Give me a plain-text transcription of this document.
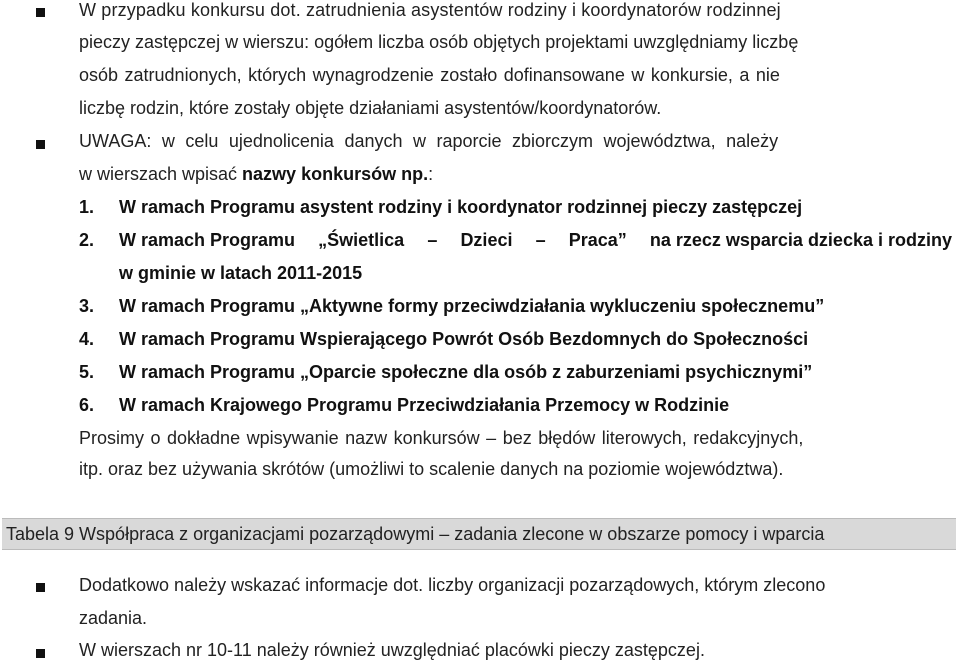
W przypadku konkursu dot. zatrudnienia asystentów rodziny i koordynatorów rodzinnej
pieczy zastępczej w wierszu: ogółem liczba osób objętych projektami uwzględniamy liczbę
osób zatrudnionych, których wynagrodzenie zostało dofinansowane w konkursie, a nie
liczbę rodzin, które zostały objęte działaniami asystentów/koordynatorów.
UWAGA: w celu ujednolicenia danych w raporcie zbiorczym województwa, należy
w wierszach wpisać nazwy konkursów np.:
1. W ramach Programu asystent rodziny i koordynator rodzinnej pieczy zastępczej
2.	W ramach Programu „Świetlica – Dzieci – Praca” na rzecz wsparcia dziecka i rodziny
w gminie w latach 2011-2015
3. W ramach Programu „Aktywne formy przeciwdziałania wykluczeniu społecznemu”
4. W ramach Programu Wspierającego Powrót Osób Bezdomnych do Społeczności
5. W ramach Programu „Oparcie społeczne dla osób z zaburzeniami psychicznymi”
6. W ramach Krajowego Programu Przeciwdziałania Przemocy w Rodzinie
Prosimy o dokładne wpisywanie nazw konkursów – bez błędów literowych, redakcyjnych,
itp. oraz bez używania skrótów (umożliwi to scalenie danych na poziomie województwa).
Tabela 9 Współpraca z organizacjami pozarządowymi – zadania zlecone w obszarze pomocy i wparcia
Dodatkowo należy wskazać informacje dot. liczby organizacji pozarządowych, którym zlecono
zadania.
W wierszach nr 10-11 należy również uwzględniać placówki pieczy zastępczej.
